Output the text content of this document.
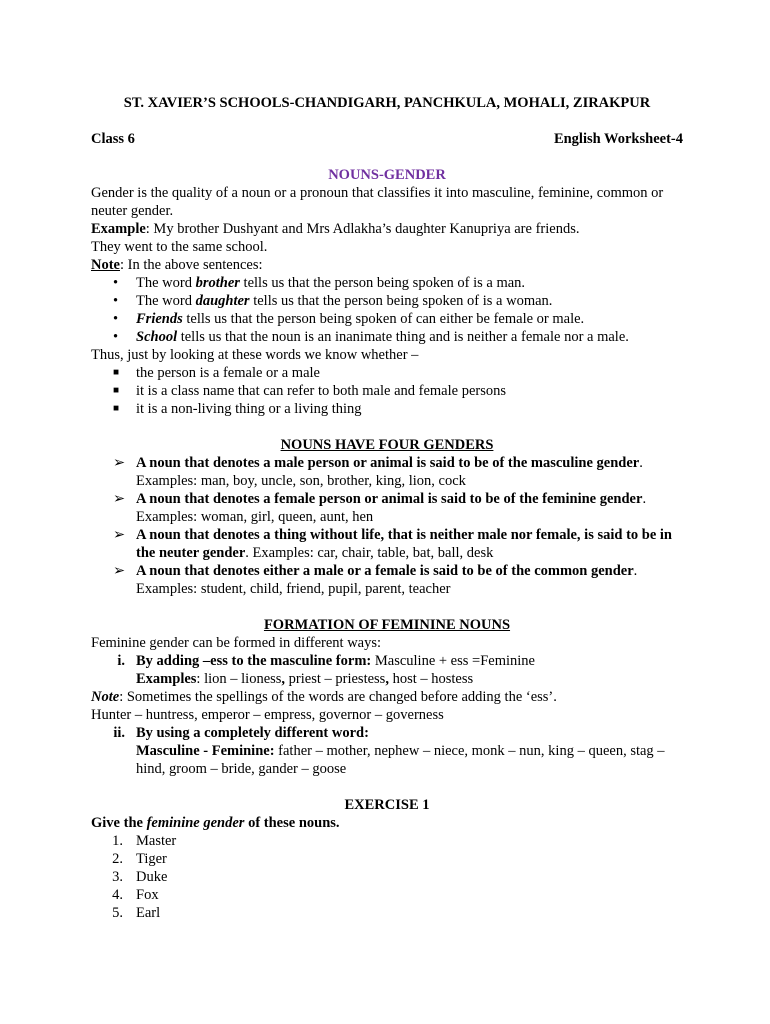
ST. XAVIER’S SCHOOLS-CHANDIGARH, PANCHKULA, MOHALI, ZIRAKPUR

Class 6	English Worksheet-4

NOUNS-GENDER

Gender is the quality of a noun or a pronoun that classifies it into masculine, feminine, common or neuter gender.

Example: My brother Dushyant and Mrs Adlakha’s daughter Kanupriya are friends.

They went to the same school.

Note: In the above sentences:

• The word brother tells us that the person being spoken of is a man.
• The word daughter tells us that the person being spoken of is a woman.
• Friends tells us that the person being spoken of can either be female or male.
• School tells us that the noun is an inanimate thing and is neither a female nor a male.

Thus, just by looking at these words we know whether –

■ the person is a female or a male
■ it is a class name that can refer to both male and female persons
■ it is a non-living thing or a living thing

NOUNS HAVE FOUR GENDERS

➢ A noun that denotes a male person or animal is said to be of the masculine gender.
Examples: man, boy, uncle, son, brother, king, lion, cock
➢ A noun that denotes a female person or animal is said to be of the feminine gender.
Examples: woman, girl, queen, aunt, hen
➢ A noun that denotes a thing without life, that is neither male nor female, is said to be in the neuter gender. Examples: car, chair, table, bat, ball, desk
➢ A noun that denotes either a male or a female is said to be of the common gender.
Examples: student, child, friend, pupil, parent, teacher

FORMATION OF FEMININE NOUNS

Feminine gender can be formed in different ways:

i. By adding –ess to the masculine form: Masculine + ess =Feminine
Examples: lion – lioness, priest – priestess, host – hostess

Note: Sometimes the spellings of the words are changed before adding the ‘ess’.

Hunter – huntress, emperor – empress, governor – governess

ii. By using a completely different word:
Masculine - Feminine: father – mother, nephew – niece, monk – nun, king – queen, stag – hind, groom – bride, gander – goose

EXERCISE 1

Give the feminine gender of these nouns.

1. Master
2. Tiger
3. Duke
4. Fox
5. Earl
